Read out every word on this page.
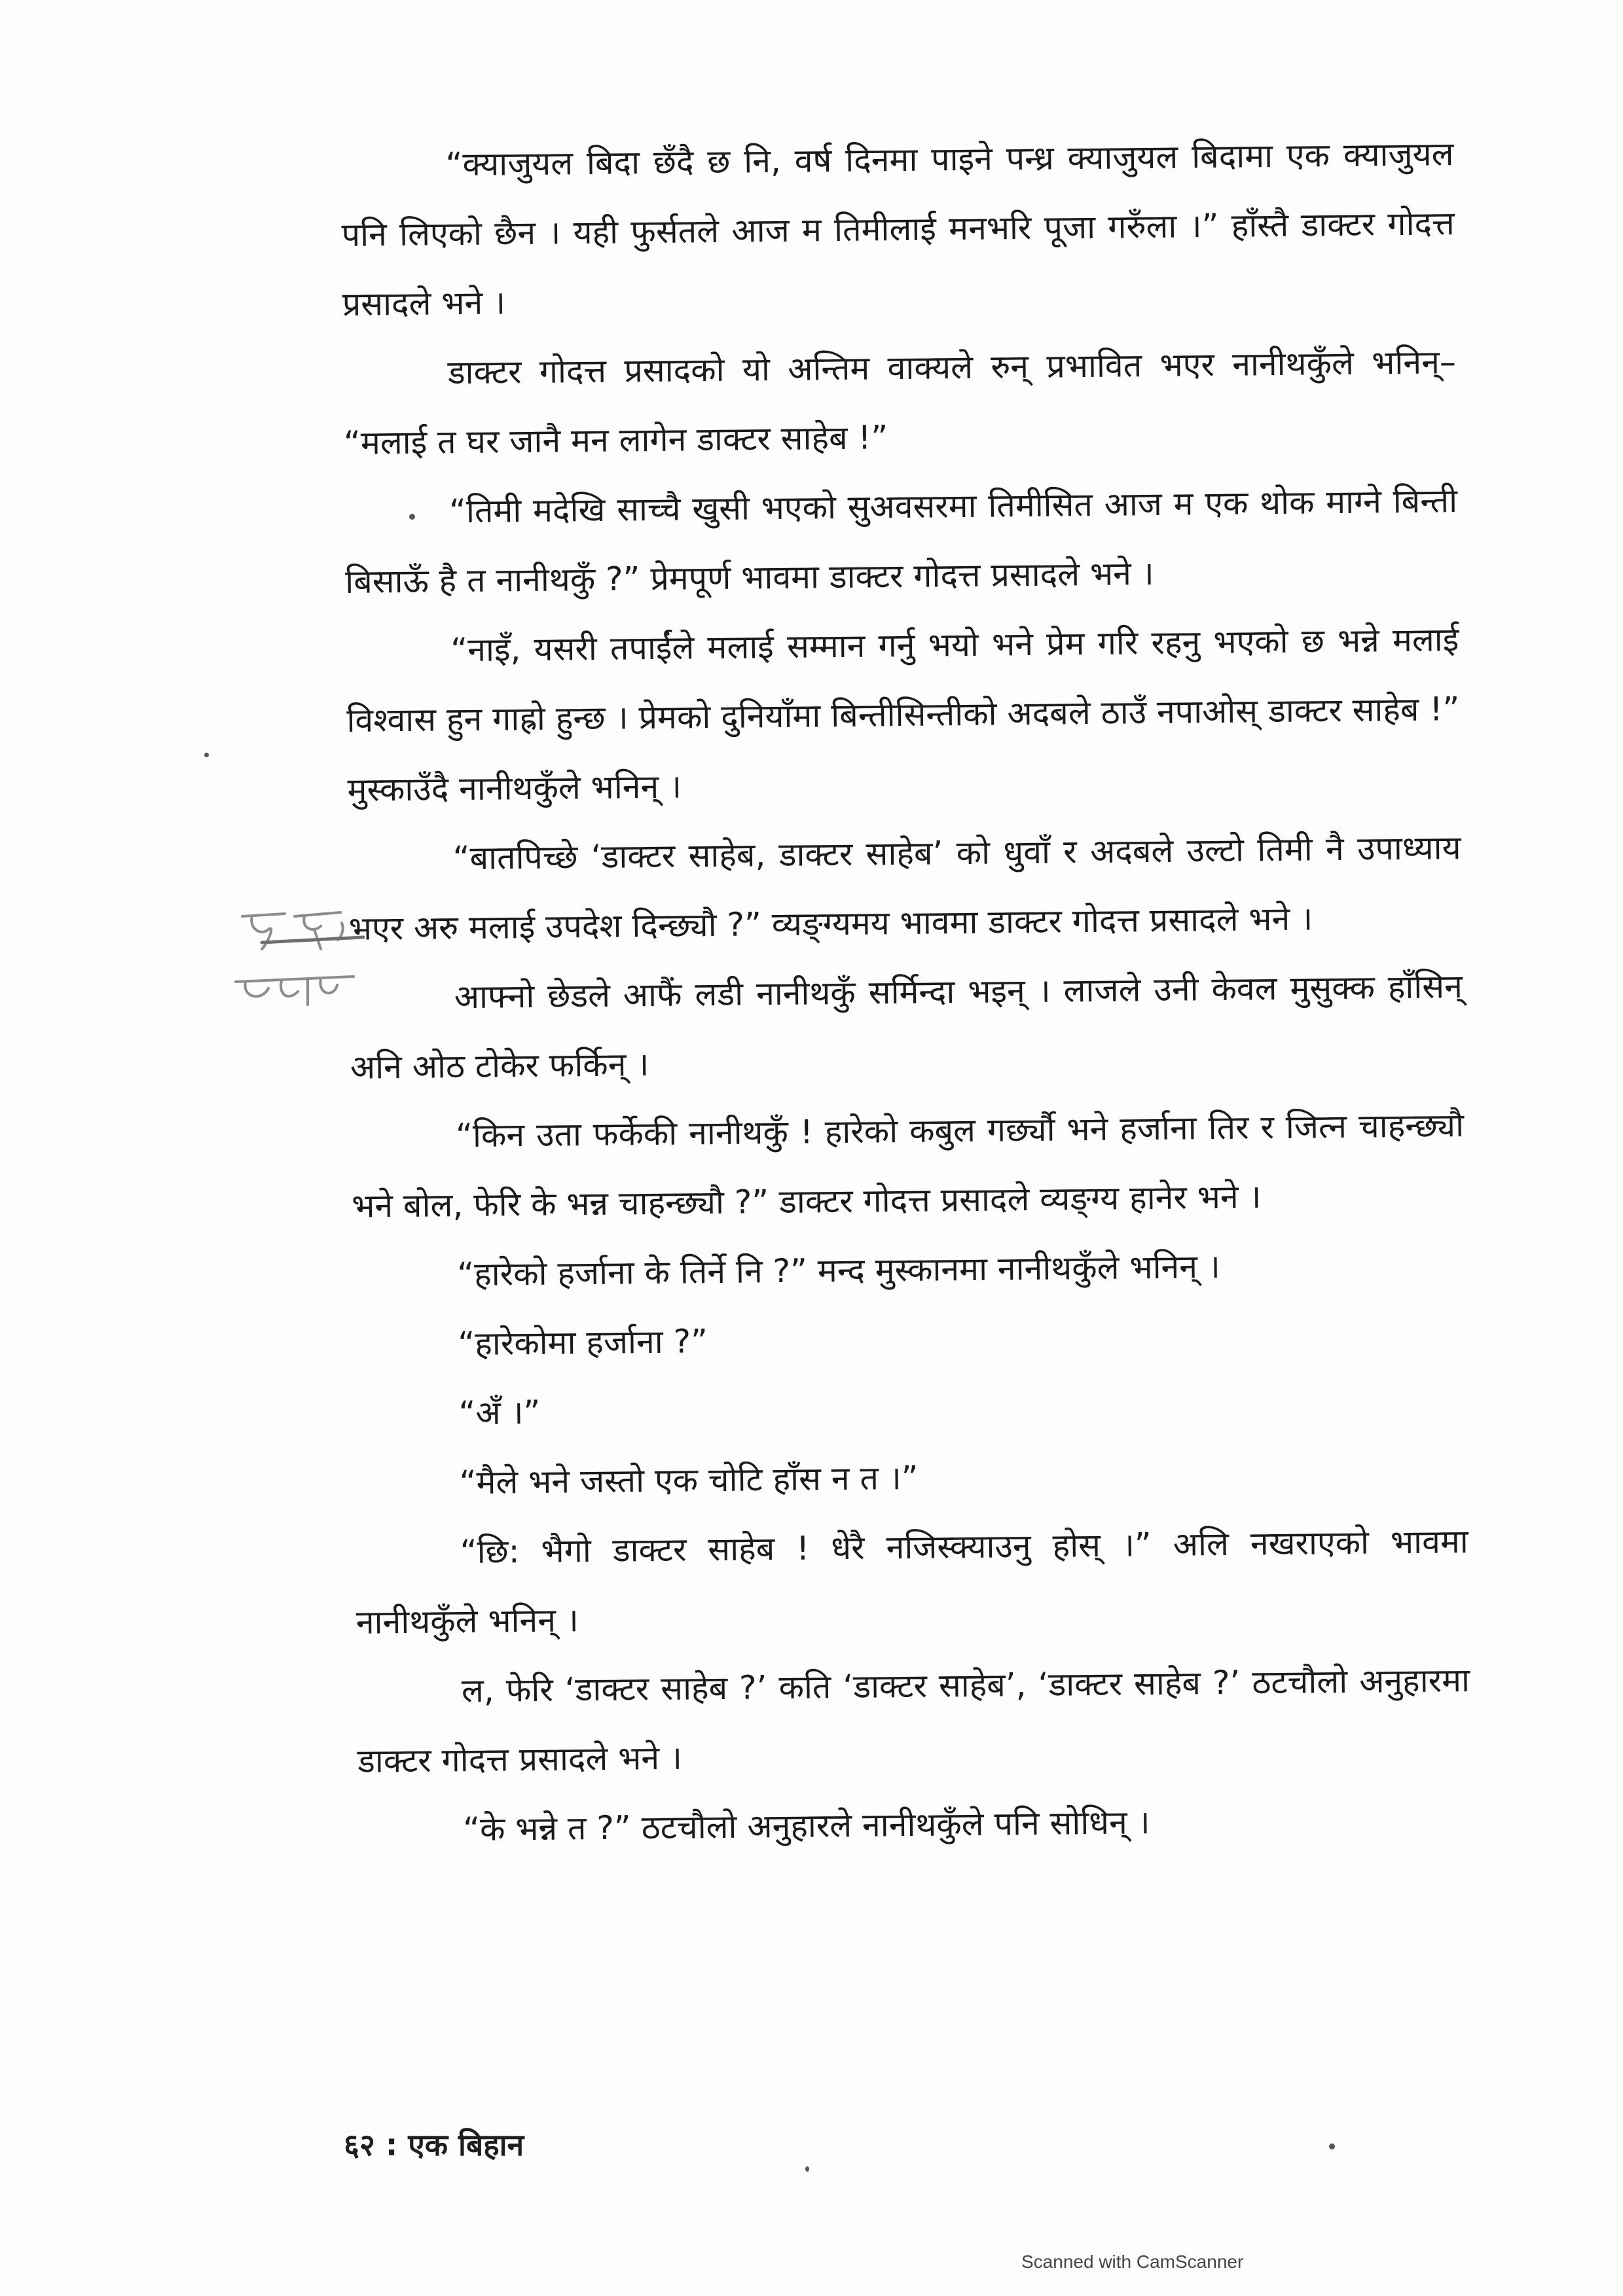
“क्याजुयल बिदा छँदै छ नि, वर्ष दिनमा पाइने पन्ध्र क्याजुयल बिदामा एक क्याजुयल पनि लिएको छैन । यही फुर्सतले आज म तिमीलाई मनभरि पूजा गरुँला ।” हाँस्तै डाक्टर गोदत्त प्रसादले भने ।

डाक्टर गोदत्त प्रसादको यो अन्तिम वाक्यले रुन् प्रभावित भएर नानीथकुँले भनिन्– “मलाई त घर जानै मन लागेन डाक्टर साहेब !”

“तिमी मदेखि साच्चै खुसी भएको सुअवसरमा तिमीसित आज म एक थोक माग्ने बिन्ती बिसाऊँ है त नानीथकुँ ?” प्रेमपूर्ण भावमा डाक्टर गोदत्त प्रसादले भने ।

“नाइँ, यसरी तपाईंले मलाई सम्मान गर्नु भयो भने प्रेम गरि रहनु भएको छ भन्ने मलाई विश्वास हुन गाह्रो हुन्छ । प्रेमको दुनियाँमा बिन्तीसिन्तीको अदबले ठाउँ नपाओस् डाक्टर साहेब !” मुस्काउँदै नानीथकुँले भनिन् ।

“बातपिच्छे ‘डाक्टर साहेब, डाक्टर साहेब’ को धुवाँ र अदबले उल्टो तिमी नै उपाध्याय भएर अरु मलाई उपदेश दिन्छ्यौ ?” व्यङ्ग्यमय भावमा डाक्टर गोदत्त प्रसादले भने ।

आफ्नो छेडले आफैं लडी नानीथकुँ सर्मिन्दा भइन् । लाजले उनी केवल मुसुक्क हाँसिन् अनि ओठ टोकेर फर्किन् ।

“किन उता फर्केकी नानीथकुँ ! हारेको कबुल गर्छ्यौ भने हर्जाना तिर र जित्न चाहन्छ्यौ भने बोल, फेरि के भन्न चाहन्छ्यौ ?” डाक्टर गोदत्त प्रसादले व्यङ्ग्य हानेर भने ।

“हारेको हर्जाना के तिर्ने नि ?” मन्द मुस्कानमा नानीथकुँले भनिन् ।

“हारेकोमा हर्जाना ?”

“अँ ।”

“मैले भने जस्तो एक चोटि हाँस न त ।”

“छि: भैगो डाक्टर साहेब ! धेरै नजिस्क्याउनु होस् ।” अलि नखराएको भावमा नानीथकुँले भनिन् ।

ल, फेरि ‘डाक्टर साहेब ?’ कति ‘डाक्टर साहेब’, ‘डाक्टर साहेब ?’ ठटचौलो अनुहारमा डाक्टर गोदत्त प्रसादले भने ।

“के भन्ने त ?” ठटचौलो अनुहारले नानीथकुँले पनि सोधिन् ।

६२ : एक बिहान
Scanned with CamScanner
